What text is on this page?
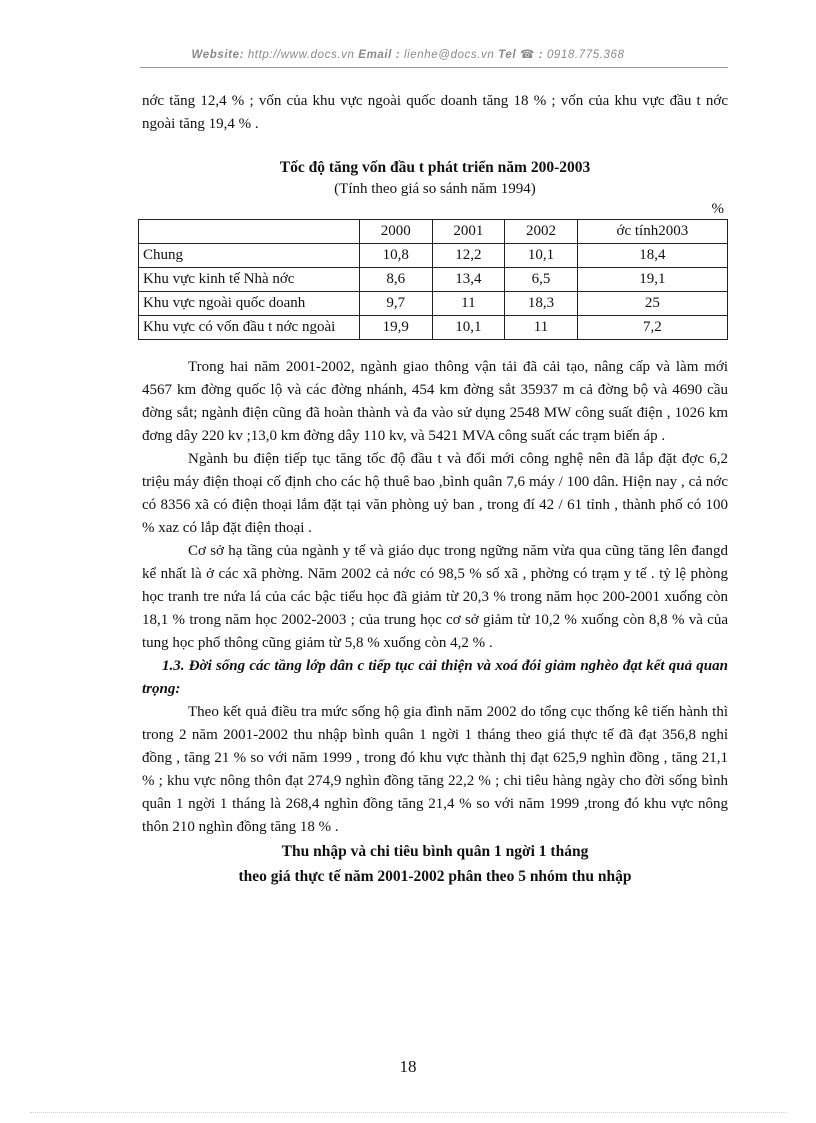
Website: http://www.docs.vn Email : lienhe@docs.vn Tel ☎ : 0918.775.368

nớc tăng 12,4 % ; vốn của khu vực ngoài quốc doanh tăng 18 % ; vốn của khu vực đầu t nớc ngoài tăng 19,4 % .

Tốc độ tăng vốn đầu t phát triển năm 200-2003
(Tính theo giá so sánh năm 1994)
%
	2000	2001	2002	ớc tính2003
Chung	10,8	12,2	10,1	18,4
Khu vực kinh tế Nhà nớc	8,6	13,4	6,5	19,1
Khu vực ngoài quốc doanh	9,7	11	18,3	25
Khu vực có vốn đầu t nớc ngoài	19,9	10,1	11	7,2

Trong hai năm 2001-2002, ngành giao thông vận tải đã cải tạo, nâng cấp và làm mới 4567 km đờng quốc lộ và các đờng nhánh, 454 km đờng sắt 35937 m cả đờng bộ và 4690 cầu đờng sắt; ngành điện cũng đã hoàn thành và đa vào sử dụng 2548 MW công suất điện , 1026 km đơng dây 220 kv ;13,0 km đờng dây 110 kv, và 5421 MVA công suất các trạm biến áp .

Ngành bu điện tiếp tục tăng tốc độ đầu t và đổi mới công nghệ nên đã lắp đặt đợc 6,2 triệu máy điện thoại cố định cho các hộ thuê bao ,bình quân 7,6 máy / 100 dân. Hiện nay , cả nớc có 8356 xã có điện thoại lắm đặt tại văn phòng uỷ ban , trong đí 42 / 61 tỉnh , thành phố có 100 % xaz có lắp đặt điện thoại .

Cơ sở hạ tầng của ngành y tế và giáo dục trong ngững năm vừa qua cũng tăng lên đangd kể nhất là ở các xã phờng. Năm 2002 cả nớc có 98,5 % số xã , phờng có trạm y tế . tỷ lệ phòng học tranh tre nứa lá của các bậc tiểu học đã giảm từ 20,3 % trong năm học 200-2001 xuống còn 18,1 % trong năm học 2002-2003 ; của trung học cơ sở giảm từ 10,2 % xuống còn 8,8 % và của tung học phổ thông cũng giảm từ 5,8 % xuống còn 4,2 % .

1.3. Đời sống các tầng lớp dân c tiếp tục cải thiện và xoá đói giảm nghèo đạt kết quả quan trọng:

Theo kết quả điều tra mức sống hộ gia đình năm 2002 do tổng cục thống kê tiến hành thì trong 2 năm 2001-2002 thu nhập bình quân 1 ngời 1 tháng theo giá thực tế đã đạt 356,8 nghỉ đồng , tăng 21 % so với năm 1999 , trong đó khu vực thành thị đạt 625,9 nghìn đồng , tăng 21,1 % ; khu vực nông thôn đạt 274,9 nghìn đồng tăng 22,2 % ; chi tiêu hàng ngày cho đời sống bình quân 1 ngời 1 tháng là 268,4 nghìn đồng tăng 21,4 % so với năm 1999 ,trong đó khu vực nông thôn 210 nghìn đồng tăng 18 % .

Thu nhập và chi tiêu bình quân 1 ngời 1 tháng
theo giá thực tế năm 2001-2002 phân theo 5 nhóm thu nhập
18
